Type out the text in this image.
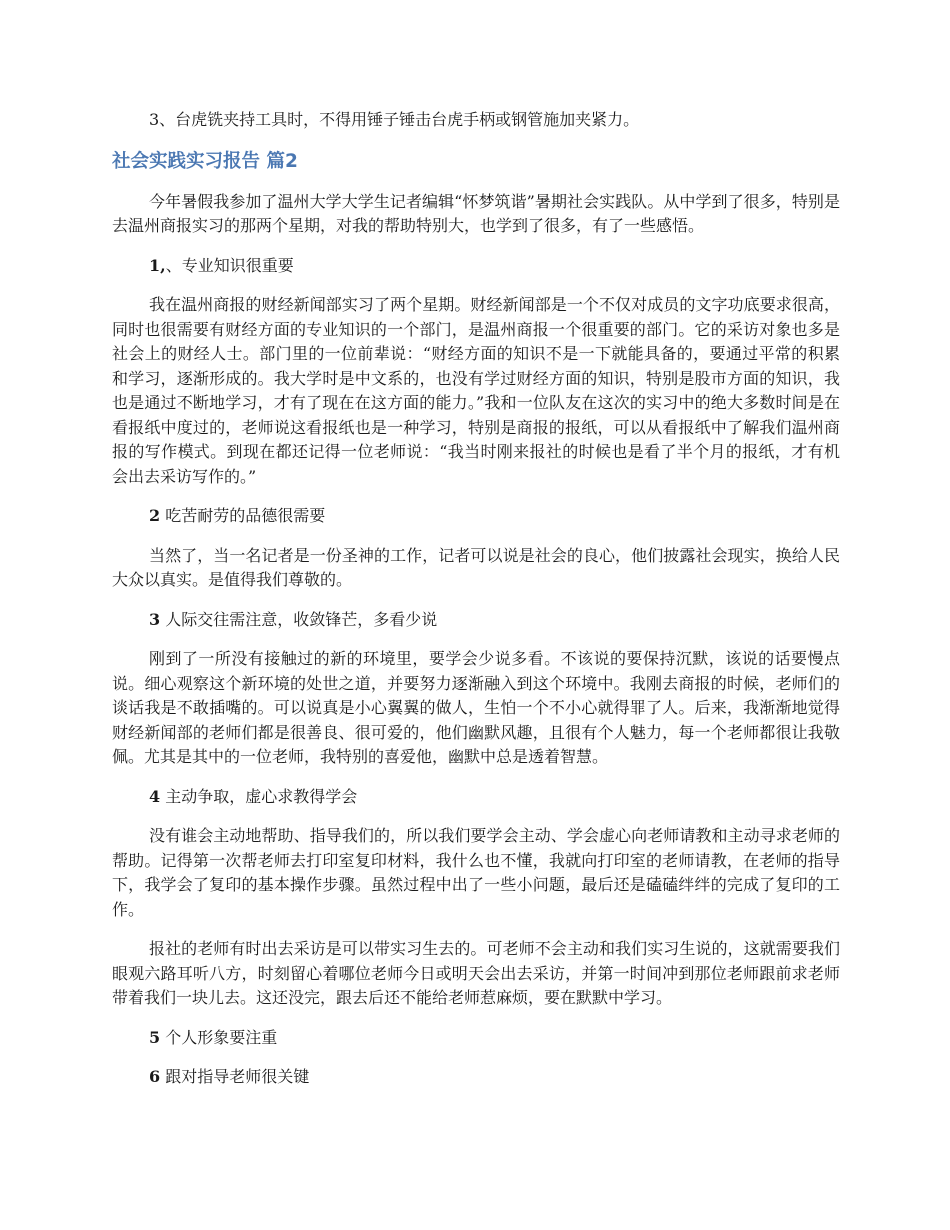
3、台虎铣夹持工具时，不得用锤子锤击台虎手柄或钢管施加夹紧力。

社会实践实习报告 篇2

今年暑假我参加了温州大学大学生记者编辑“怀梦筑谐”暑期社会实践队。从中学到了很多，特别是去温州商报实习的那两个星期，对我的帮助特别大，也学到了很多，有了一些感悟。

1,、专业知识很重要

我在温州商报的财经新闻部实习了两个星期。财经新闻部是一个不仅对成员的文字功底要求很高，同时也很需要有财经方面的专业知识的一个部门，是温州商报一个很重要的部门。它的采访对象也多是社会上的财经人士。部门里的一位前辈说：“财经方面的知识不是一下就能具备的，要通过平常的积累和学习，逐渐形成的。我大学时是中文系的，也没有学过财经方面的知识，特别是股市方面的知识，我也是通过不断地学习，才有了现在在这方面的能力。”我和一位队友在这次的实习中的绝大多数时间是在看报纸中度过的，老师说这看报纸也是一种学习，特别是商报的报纸，可以从看报纸中了解我们温州商报的写作模式。到现在都还记得一位老师说：“我当时刚来报社的时候也是看了半个月的报纸，才有机会出去采访写作的。”

2 吃苦耐劳的品德很需要

当然了，当一名记者是一份圣神的工作，记者可以说是社会的良心，他们披露社会现实，换给人民大众以真实。是值得我们尊敬的。

3 人际交往需注意，收敛锋芒，多看少说

刚到了一所没有接触过的新的环境里，要学会少说多看。不该说的要保持沉默，该说的话要慢点说。细心观察这个新环境的处世之道，并要努力逐渐融入到这个环境中。我刚去商报的时候，老师们的谈话我是不敢插嘴的。可以说真是小心翼翼的做人，生怕一个不小心就得罪了人。后来，我渐渐地觉得财经新闻部的老师们都是很善良、很可爱的，他们幽默风趣，且很有个人魅力，每一个老师都很让我敬佩。尤其是其中的一位老师，我特别的喜爱他，幽默中总是透着智慧。

4 主动争取，虚心求教得学会

没有谁会主动地帮助、指导我们的，所以我们要学会主动、学会虚心向老师请教和主动寻求老师的帮助。记得第一次帮老师去打印室复印材料，我什么也不懂，我就向打印室的老师请教，在老师的指导下，我学会了复印的基本操作步骤。虽然过程中出了一些小问题，最后还是磕磕绊绊的完成了复印的工作。

报社的老师有时出去采访是可以带实习生去的。可老师不会主动和我们实习生说的，这就需要我们眼观六路耳听八方，时刻留心着哪位老师今日或明天会出去采访，并第一时间冲到那位老师跟前求老师带着我们一块儿去。这还没完，跟去后还不能给老师惹麻烦，要在默默中学习。

5 个人形象要注重

6 跟对指导老师很关键
